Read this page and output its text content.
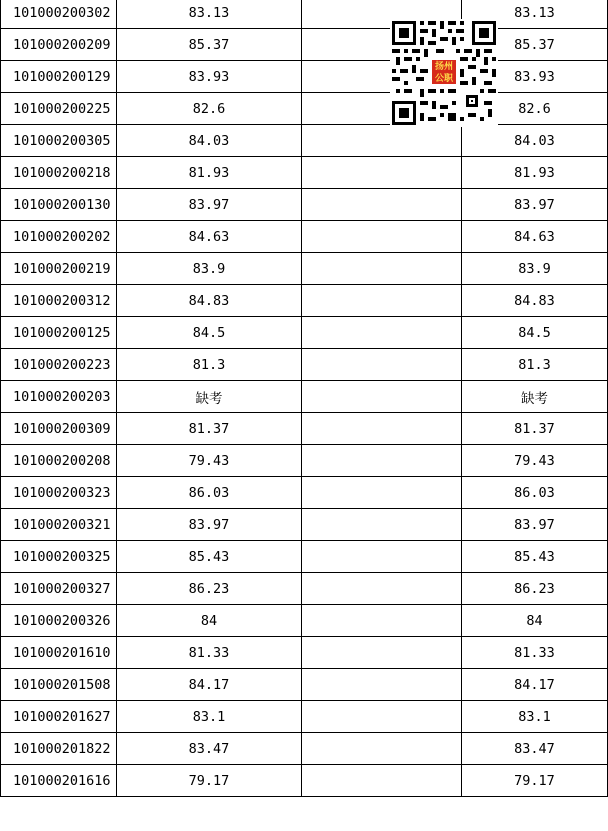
101000200302	83.13		83.13
101000200209	85.37		85.37
101000200129	83.93		83.93
101000200225	82.6		82.6
101000200305	84.03		84.03
101000200218	81.93		81.93
101000200130	83.97		83.97
101000200202	84.63		84.63
101000200219	83.9		83.9
101000200312	84.83		84.83
101000200125	84.5		84.5
101000200223	81.3		81.3
101000200203	缺考		缺考
101000200309	81.37		81.37
101000200208	79.43		79.43
101000200323	86.03		86.03
101000200321	83.97		83.97
101000200325	85.43		85.43
101000200327	86.23		86.23
101000200326	84		84
101000201610	81.33		81.33
101000201508	84.17		84.17
101000201627	83.1		83.1
101000201822	83.47		83.47
101000201616	79.17		79.17
扬州
公职
